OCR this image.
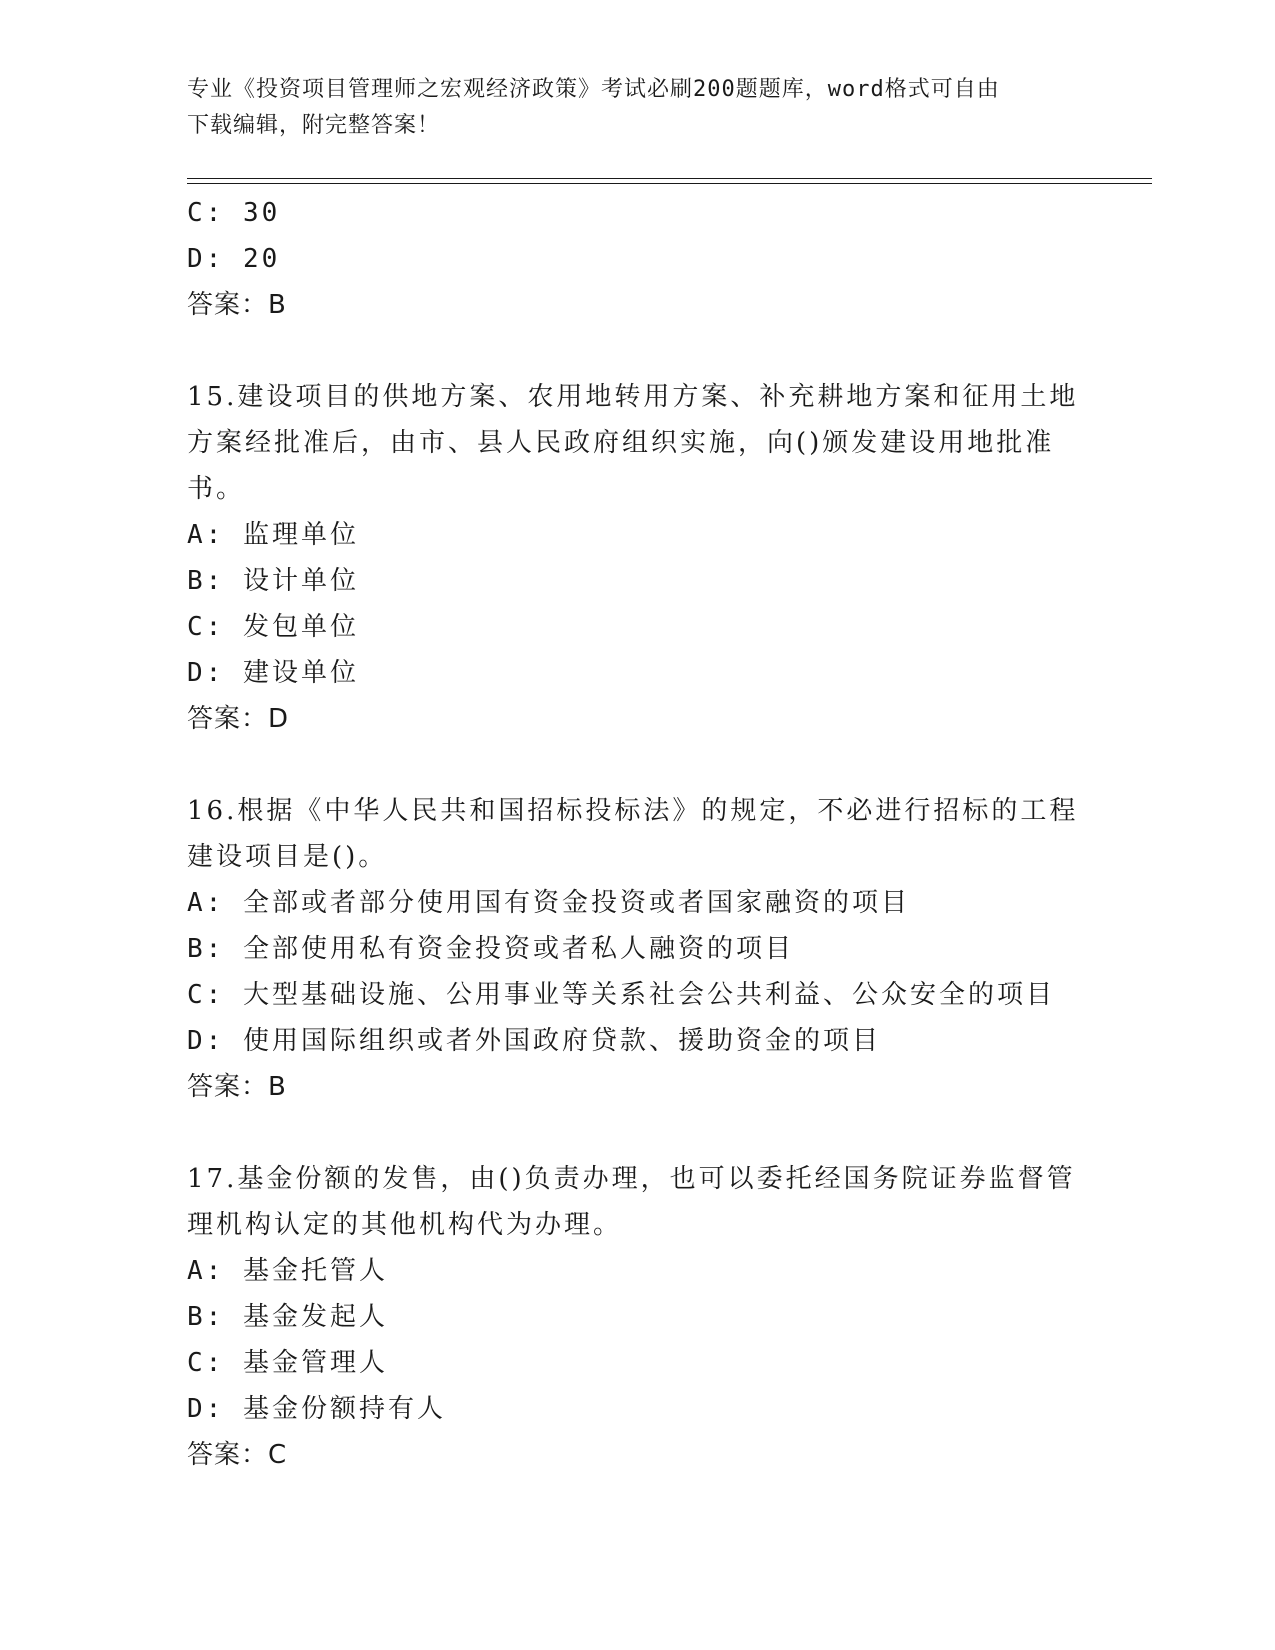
专业《投资项目管理师之宏观经济政策》考试必刷200题题库，word格式可自由
下载编辑，附完整答案！
C: 30
D: 20
答案：B
15.建设项目的供地方案、农用地转用方案、补充耕地方案和征用土地
方案经批准后，由市、县人民政府组织实施，向()颁发建设用地批准
书。
A: 监理单位
B: 设计单位
C: 发包单位
D: 建设单位
答案：D
16.根据《中华人民共和国招标投标法》的规定，不必进行招标的工程
建设项目是()。
A: 全部或者部分使用国有资金投资或者国家融资的项目
B: 全部使用私有资金投资或者私人融资的项目
C: 大型基础设施、公用事业等关系社会公共利益、公众安全的项目
D: 使用国际组织或者外国政府贷款、援助资金的项目
答案：B
17.基金份额的发售，由()负责办理，也可以委托经国务院证券监督管
理机构认定的其他机构代为办理。
A: 基金托管人
B: 基金发起人
C: 基金管理人
D: 基金份额持有人
答案：C
